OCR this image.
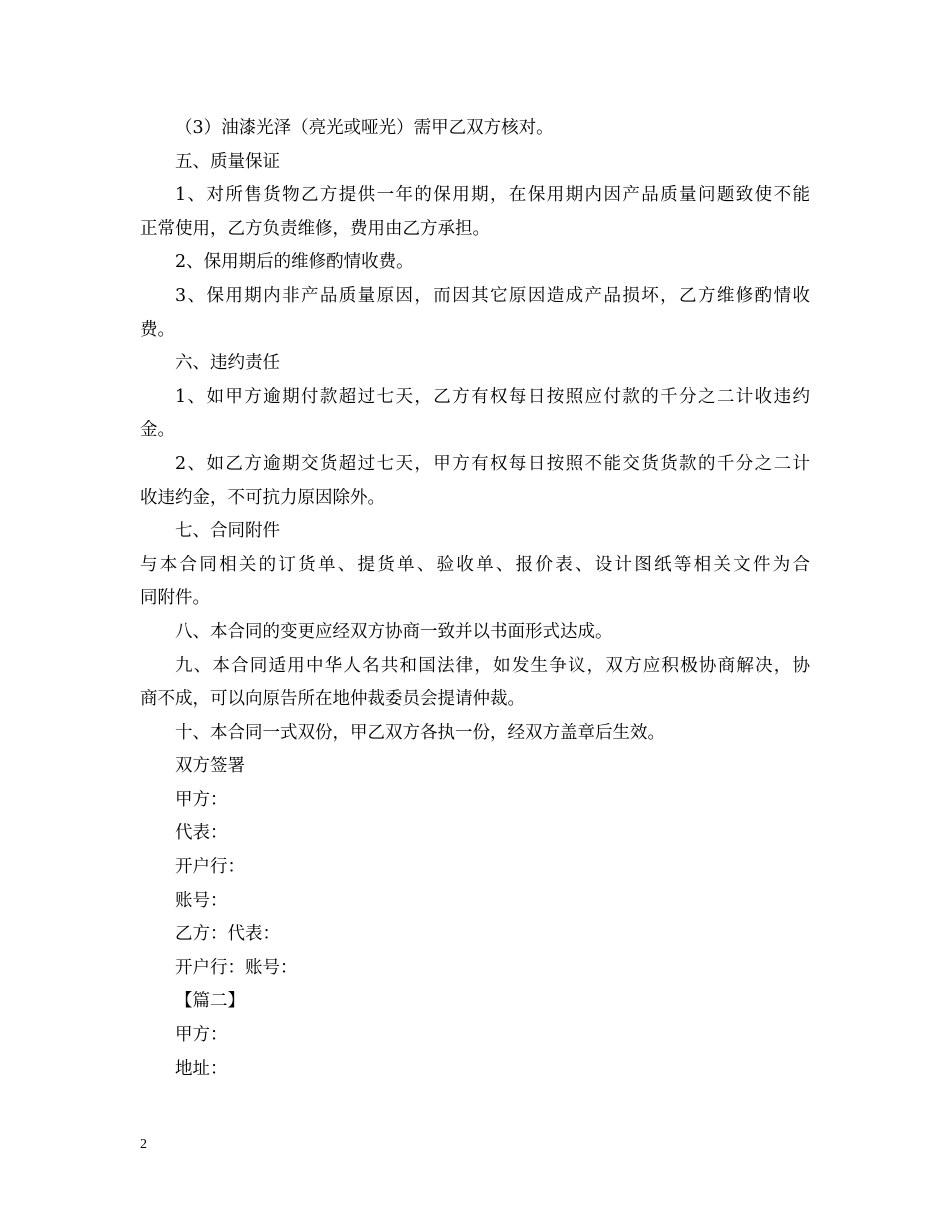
（3）油漆光泽（亮光或哑光）需甲乙双方核对。

五、质量保证

1、对所售货物乙方提供一年的保用期，在保用期内因产品质量问题致使不能

正常使用，乙方负责维修，费用由乙方承担。

2、保用期后的维修酌情收费。

3、保用期内非产品质量原因，而因其它原因造成产品损坏，乙方维修酌情收

费。

六、违约责任

1、如甲方逾期付款超过七天，乙方有权每日按照应付款的千分之二计收违约

金。

2、如乙方逾期交货超过七天，甲方有权每日按照不能交货货款的千分之二计

收违约金，不可抗力原因除外。

七、合同附件

与本合同相关的订货单、提货单、验收单、报价表、设计图纸等相关文件为合

同附件。

八、本合同的变更应经双方协商一致并以书面形式达成。

九、本合同适用中华人名共和国法律，如发生争议，双方应积极协商解决，协

商不成，可以向原告所在地仲裁委员会提请仲裁。

十、本合同一式双份，甲乙双方各执一份，经双方盖章后生效。

双方签署

甲方：

代表：

开户行：

账号：

乙方：代表：

开户行：账号：

【篇二】

甲方：

地址：

2
